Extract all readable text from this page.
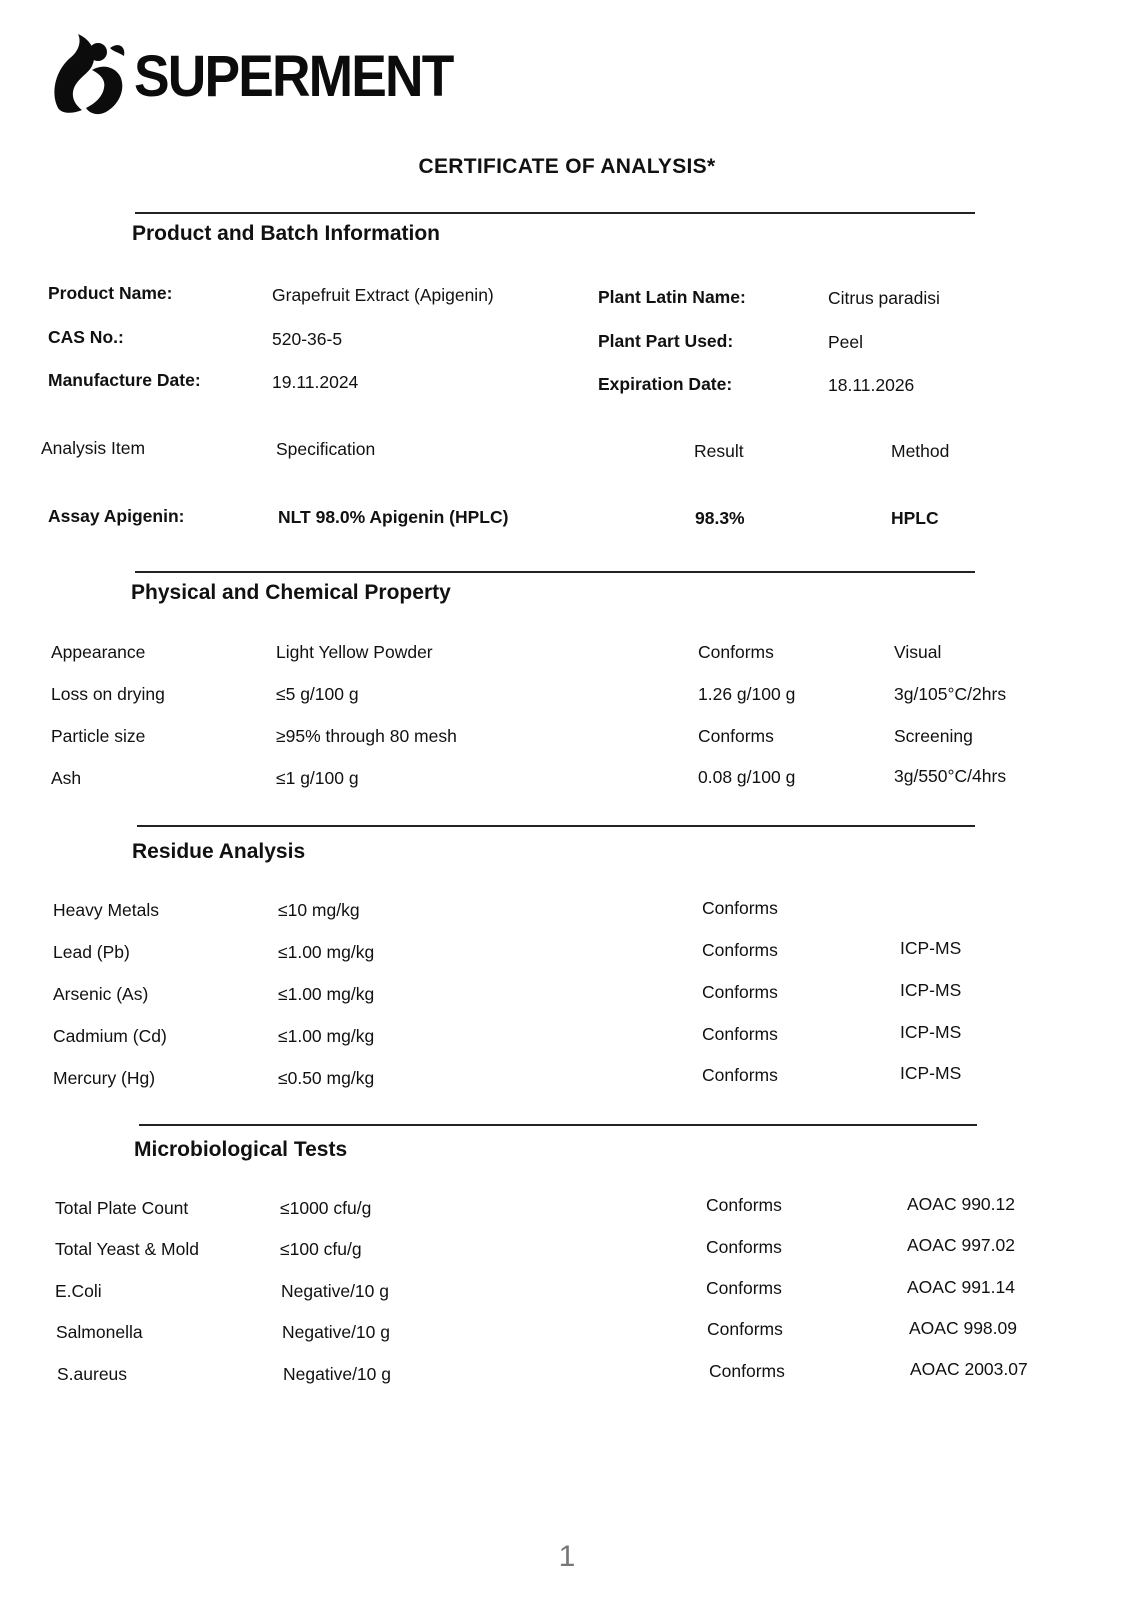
SUPERMENT
CERTIFICATE OF ANALYSIS*
Product and Batch Information
Product Name:	Grapefruit Extract (Apigenin)
CAS No.:	520-36-5
Manufacture Date:	19.11.2024
Plant Latin Name:	Citrus paradisi
Plant Part Used:	Peel
Expiration Date:	18.11.2026
Analysis Item	Specification	Result	Method
Assay Apigenin:	NLT 98.0% Apigenin (HPLC)	98.3%	HPLC
Physical and Chemical Property
Appearance	Light Yellow Powder	Conforms	Visual
Loss on drying	≤5 g/100 g	1.26 g/100 g	3g/105°C/2hrs
Particle size	≥95% through 80 mesh	Conforms	Screening
Ash	≤1 g/100 g	0.08 g/100 g	3g/550°C/4hrs
Residue Analysis
Heavy Metals	≤10 mg/kg	Conforms
Lead (Pb)	≤1.00 mg/kg	Conforms	ICP-MS
Arsenic (As)	≤1.00 mg/kg	Conforms	ICP-MS
Cadmium (Cd)	≤1.00 mg/kg	Conforms	ICP-MS
Mercury (Hg)	≤0.50 mg/kg	Conforms	ICP-MS
Microbiological Tests
Total Plate Count	≤1000 cfu/g	Conforms	AOAC 990.12
Total Yeast & Mold	≤100 cfu/g	Conforms	AOAC 997.02
E.Coli	Negative/10 g	Conforms	AOAC 991.14
Salmonella	Negative/10 g	Conforms	AOAC 998.09
S.aureus	Negative/10 g	Conforms	AOAC 2003.07
1
